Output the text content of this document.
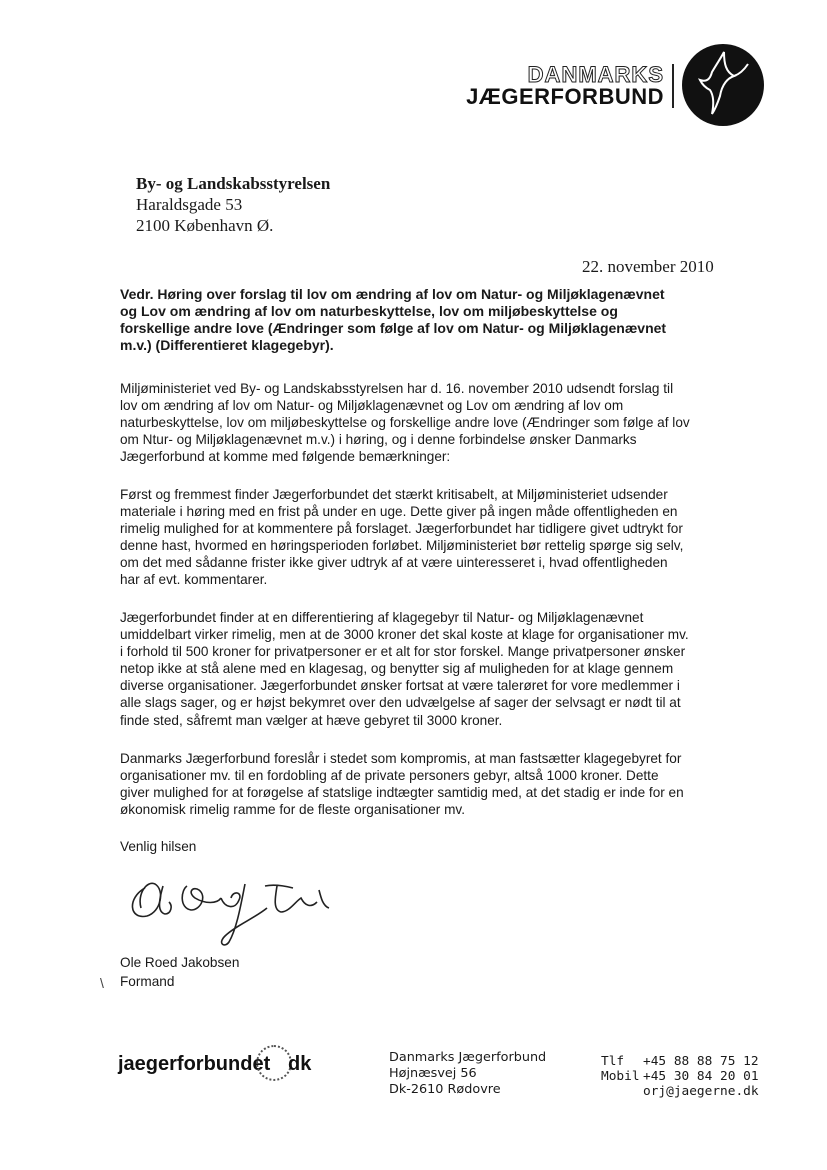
DANMARKS
JÆGERFORBUND
By- og Landskabsstyrelsen
Haraldsgade 53
2100 København Ø.
22. november 2010
Vedr. Høring over forslag til lov om ændring af lov om Natur- og Miljøklagenævnet og Lov om ændring af lov om naturbeskyttelse, lov om miljøbeskyttelse og forskellige andre love (Ændringer som følge af lov om Natur- og Miljøklagenævnet m.v.) (Differentieret klagegebyr).
Miljøministeriet ved By- og Landskabsstyrelsen har d. 16. november 2010 udsendt forslag til lov om ændring af lov om Natur- og Miljøklagenævnet og Lov om ændring af lov om naturbeskyttelse, lov om miljøbeskyttelse og forskellige andre love (Ændringer som følge af lov om Ntur- og Miljøklagenævnet m.v.) i høring, og i denne forbindelse ønsker Danmarks Jægerforbund at komme med følgende bemærkninger:
Først og fremmest finder Jægerforbundet det stærkt kritisabelt, at Miljøministeriet udsender materiale i høring med en frist på under en uge. Dette giver på ingen måde offentligheden en rimelig mulighed for at kommentere på forslaget. Jægerforbundet har tidligere givet udtrykt for denne hast, hvormed en høringsperioden forløbet. Miljøministeriet bør rettelig spørge sig selv, om det med sådanne frister ikke giver udtryk af at være uinteresseret i, hvad offentligheden har af evt. kommentarer.
Jægerforbundet finder at en differentiering af klagegebyr til Natur- og Miljøklagenævnet umiddelbart virker rimelig, men at de 3000 kroner det skal koste at klage for organisationer mv. i forhold til 500 kroner for privatpersoner er et alt for stor forskel. Mange privatpersoner ønsker netop ikke at stå alene med en klagesag, og benytter sig af muligheden for at klage gennem diverse organisationer. Jægerforbundet ønsker fortsat at være talerøret for vore medlemmer i alle slags sager, og er højst bekymret over den udvælgelse af sager der selvsagt er nødt til at finde sted, såfremt man vælger at hæve gebyret til 3000 kroner.
Danmarks Jægerforbund foreslår i stedet som kompromis, at man fastsætter klagegebyret for organisationer mv. til en fordobling af de private personers gebyr, altså 1000 kroner. Dette giver mulighed for at forøgelse af statslige indtægter samtidig med, at det stadig er inde for en økonomisk rimelig ramme for de fleste organisationer mv.
Venlig hilsen
Ole Roed Jakobsen
Formand
\
jaegerforbundet dk	Danmarks Jægerforbund
Højnæsvej 56
Dk-2610 Rødovre
Tlf +45 88 88 75 12
Mobil +45 30 84 20 01
orj@jaegerne.dk
